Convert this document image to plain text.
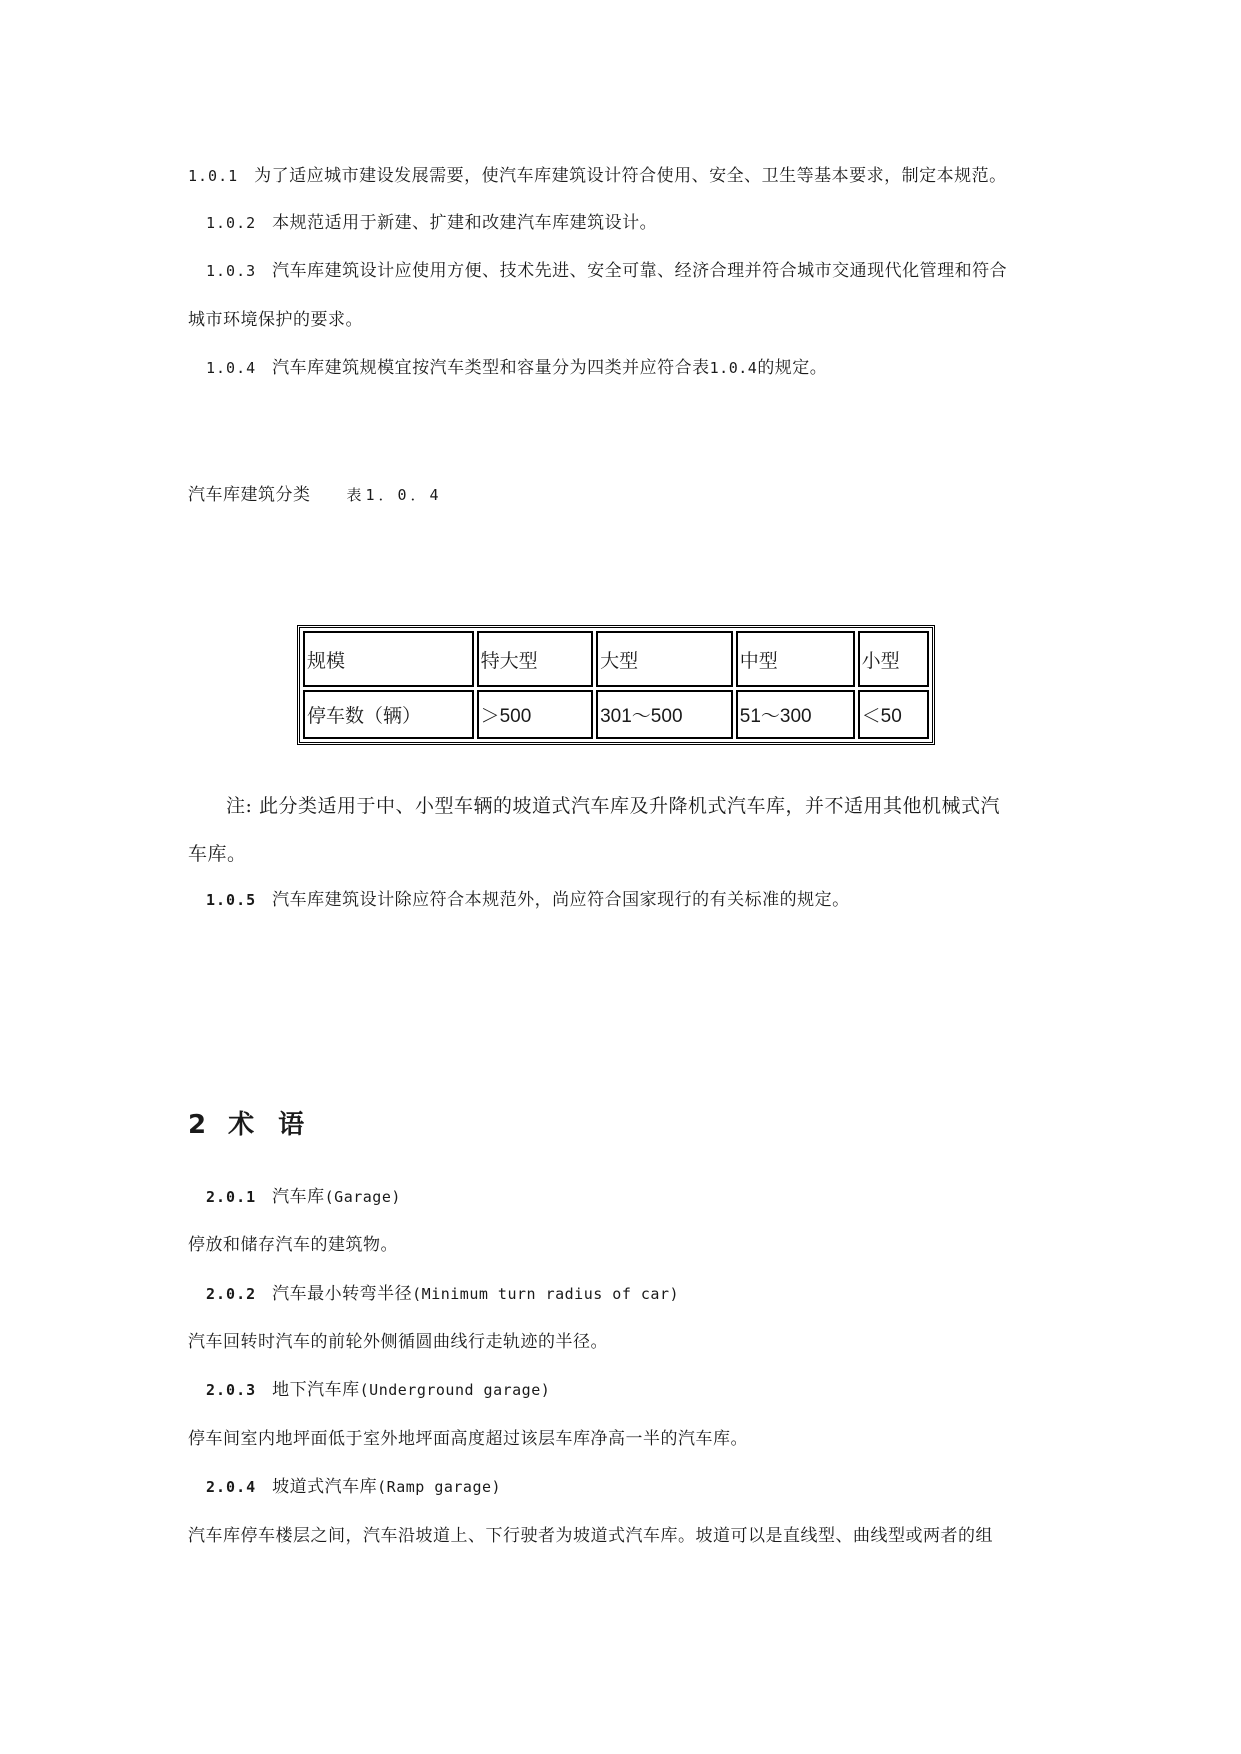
1.0.1 为了适应城市建设发展需要，使汽车库建筑设计符合使用、安全、卫生等基本要求，制定本规范。
1.0.2 本规范适用于新建、扩建和改建汽车库建筑设计。
1.0.3 汽车库建筑设计应使用方便、技术先进、安全可靠、经济合理并符合城市交通现代化管理和符合
城市环境保护的要求。
1.0.4 汽车库建筑规模宜按汽车类型和容量分为四类并应符合表1.0.4的规定。
汽车库建筑分类 表1．0．4
规模	特大型	大型	中型	小型
停车数（辆）	＞500	301～500	51～300	＜50
注: 此分类适用于中、小型车辆的坡道式汽车库及升降机式汽车库，并不适用其他机械式汽
车库。
1.0.5 汽车库建筑设计除应符合本规范外，尚应符合国家现行的有关标准的规定。
2 术 语
2.0.1 汽车库(Garage)
停放和储存汽车的建筑物。
2.0.2 汽车最小转弯半径(Minimum turn radius of car)
汽车回转时汽车的前轮外侧循圆曲线行走轨迹的半径。
2.0.3 地下汽车库(Underground garage)
停车间室内地坪面低于室外地坪面高度超过该层车库净高一半的汽车库。
2.0.4 坡道式汽车库(Ramp garage)
汽车库停车楼层之间，汽车沿坡道上、下行驶者为坡道式汽车库。坡道可以是直线型、曲线型或两者的组
